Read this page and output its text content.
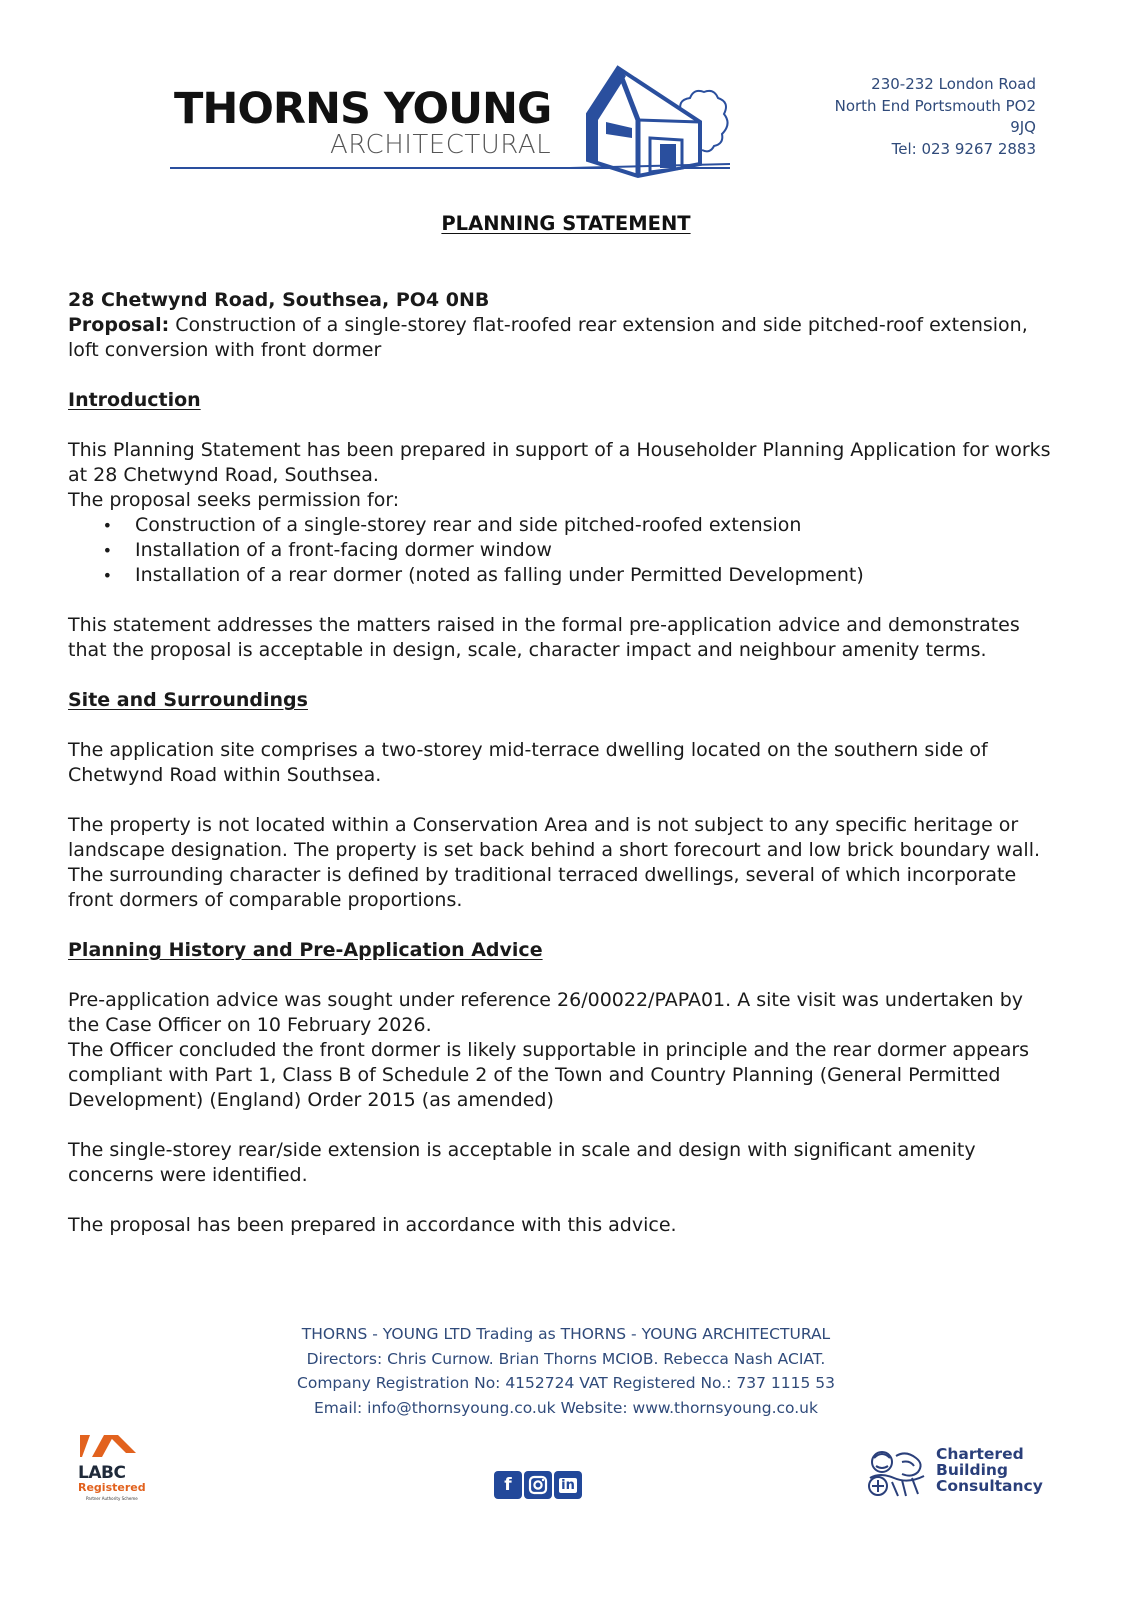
THORNS YOUNG
ARCHITECTURAL
230-232 London Road
North End Portsmouth PO2
9JQ
Tel: 023 9267 2883
PLANNING STATEMENT

28 Chetwynd Road, Southsea, PO4 0NB

Proposal: Construction of a single-storey flat-roofed rear extension and side pitched-roof extension, loft conversion with front dormer

Introduction

This Planning Statement has been prepared in support of a Householder Planning Application for works at 28 Chetwynd Road, Southsea.

The proposal seeks permission for:

• Construction of a single-storey rear and side pitched-roofed extension
• Installation of a front-facing dormer window
• Installation of a rear dormer (noted as falling under Permitted Development)

This statement addresses the matters raised in the formal pre-application advice and demonstrates that the proposal is acceptable in design, scale, character impact and neighbour amenity terms.

Site and Surroundings

The application site comprises a two-storey mid-terrace dwelling located on the southern side of Chetwynd Road within Southsea.

The property is not located within a Conservation Area and is not subject to any specific heritage or landscape designation. The property is set back behind a short forecourt and low brick boundary wall. The surrounding character is defined by traditional terraced dwellings, several of which incorporate front dormers of comparable proportions.

Planning History and Pre-Application Advice

Pre-application advice was sought under reference 26/00022/PAPA01. A site visit was undertaken by the Case Officer on 10 February 2026.

The Officer concluded the front dormer is likely supportable in principle and the rear dormer appears compliant with Part 1, Class B of Schedule 2 of the Town and Country Planning (General Permitted Development) (England) Order 2015 (as amended)

The single-storey rear/side extension is acceptable in scale and design with significant amenity concerns were identified.

The proposal has been prepared in accordance with this advice.

THORNS - YOUNG LTD Trading as THORNS - YOUNG ARCHITECTURAL
Directors: Chris Curnow. Brian Thorns MCIOB. Rebecca Nash ACIAT.
Company Registration No: 4152724 VAT Registered No.: 737 1115 53
Email: info@thornsyoung.co.uk Website: www.thornsyoung.co.uk
LABC
Registered
Partner Authority Scheme
f	in
Chartered
Building
Consultancy
